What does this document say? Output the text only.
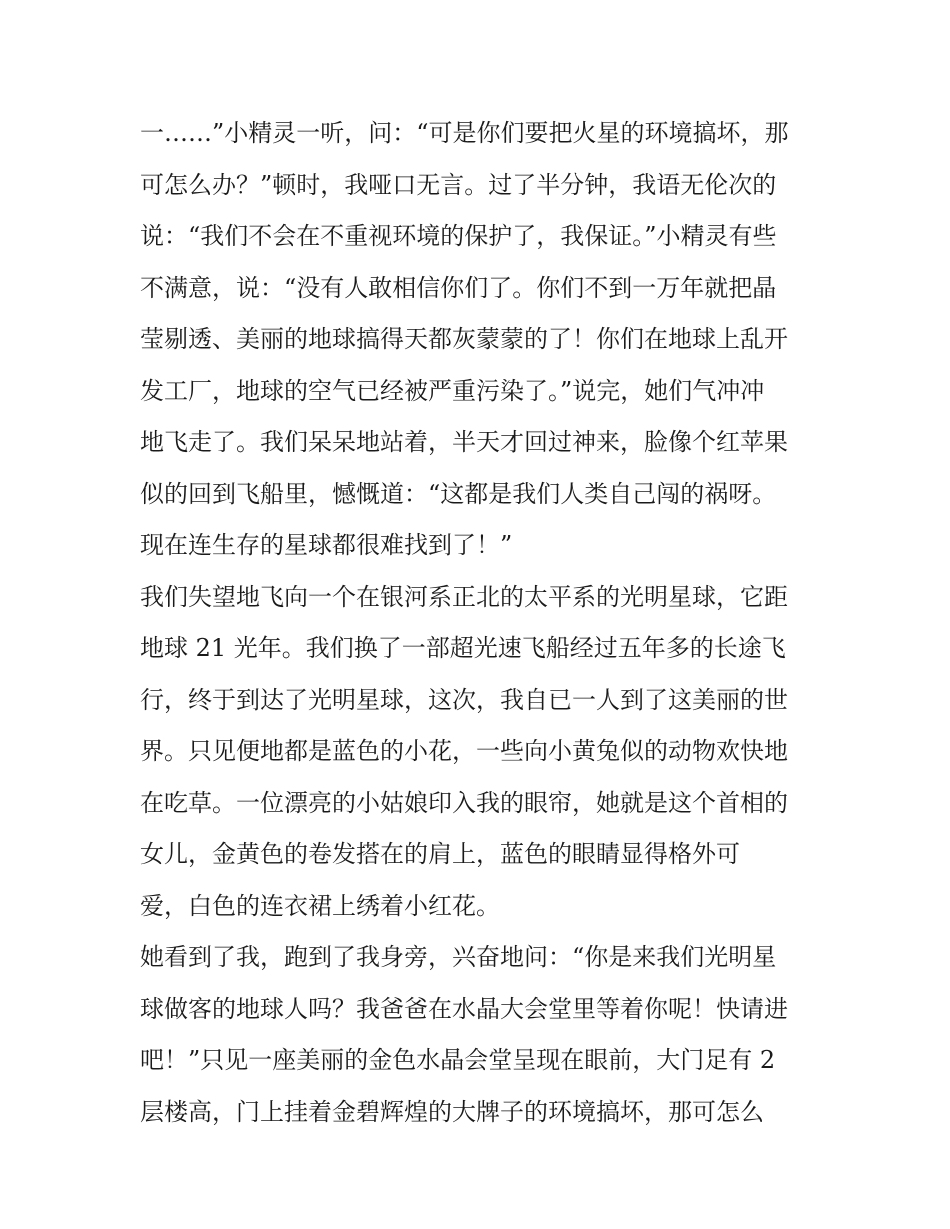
一……”小精灵一听，问：“可是你们要把火星的环境搞坏，那
可怎么办？”顿时，我哑口无言。过了半分钟，我语无伦次的
说：“我们不会在不重视环境的保护了，我保证。”小精灵有些
不满意，说：“没有人敢相信你们了。你们不到一万年就把晶
莹剔透、美丽的地球搞得天都灰蒙蒙的了！你们在地球上乱开
发工厂，地球的空气已经被严重污染了。”说完，她们气冲冲
地飞走了。我们呆呆地站着，半天才回过神来，脸像个红苹果
似的回到飞船里，憾慨道：“这都是我们人类自己闯的祸呀。
现在连生存的星球都很难找到了！”
我们失望地飞向一个在银河系正北的太平系的光明星球，它距
地球 21 光年。我们换了一部超光速飞船经过五年多的长途飞
行，终于到达了光明星球，这次，我自已一人到了这美丽的世
界。只见便地都是蓝色的小花，一些向小黄兔似的动物欢快地
在吃草。一位漂亮的小姑娘印入我的眼帘，她就是这个首相的
女儿，金黄色的卷发搭在的肩上，蓝色的眼睛显得格外可
爱，白色的连衣裙上绣着小红花。
她看到了我，跑到了我身旁，兴奋地问：“你是来我们光明星
球做客的地球人吗？我爸爸在水晶大会堂里等着你呢！快请进
吧！”只见一座美丽的金色水晶会堂呈现在眼前，大门足有 2
层楼高，门上挂着金碧辉煌的大牌子的环境搞坏，那可怎么
